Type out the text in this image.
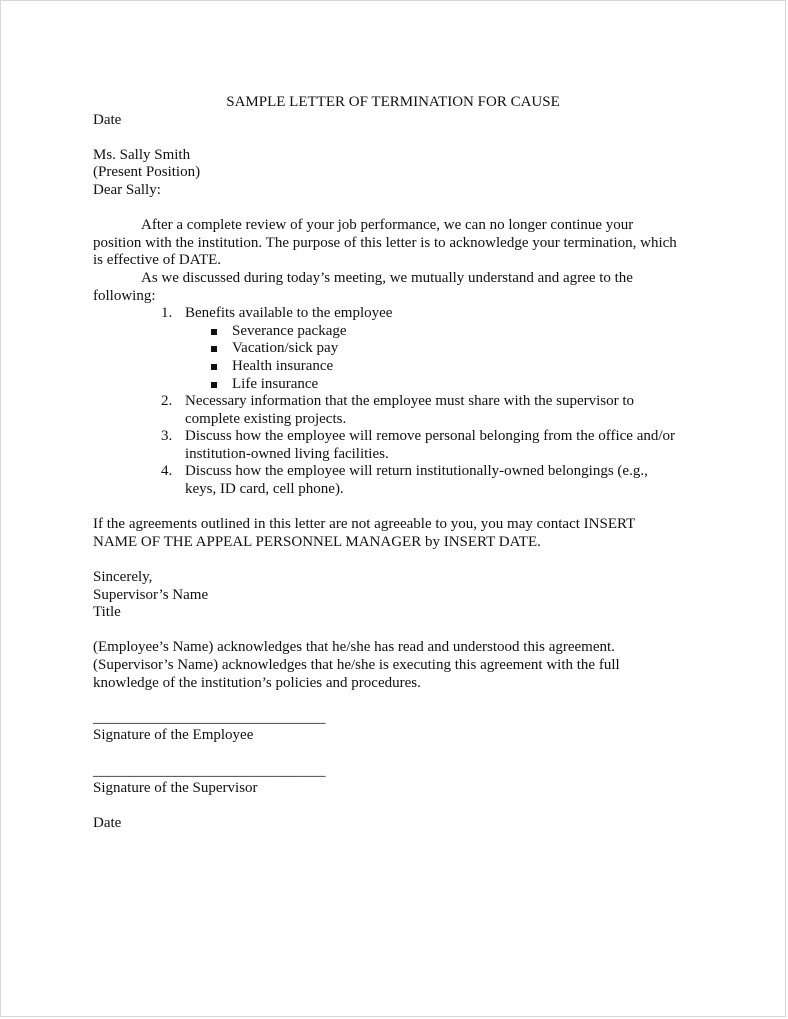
SAMPLE LETTER OF TERMINATION FOR CAUSE

Date

Ms. Sally Smith

(Present Position)

Dear Sally:

After a complete review of your job performance, we can no longer continue your

position with the institution. The purpose of this letter is to acknowledge your termination, which

is effective of DATE.

As we discussed during today’s meeting, we mutually understand and agree to the

following:

1. Benefits available to the employee
Severance package
Vacation/sick pay
Health insurance
Life insurance
2. Necessary information that the employee must share with the supervisor to
complete existing projects.
3. Discuss how the employee will remove personal belonging from the office and/or
institution-owned living facilities.
4. Discuss how the employee will return institutionally-owned belongings (e.g.,
keys, ID card, cell phone).

If the agreements outlined in this letter are not agreeable to you, you may contact INSERT

NAME OF THE APPEAL PERSONNEL MANAGER by INSERT DATE.

Sincerely,

Supervisor’s Name

Title

(Employee’s Name) acknowledges that he/she has read and understood this agreement.

(Supervisor’s Name) acknowledges that he/she is executing this agreement with the full

knowledge of the institution’s policies and procedures.

_______________________________

Signature of the Employee

_______________________________

Signature of the Supervisor

Date
